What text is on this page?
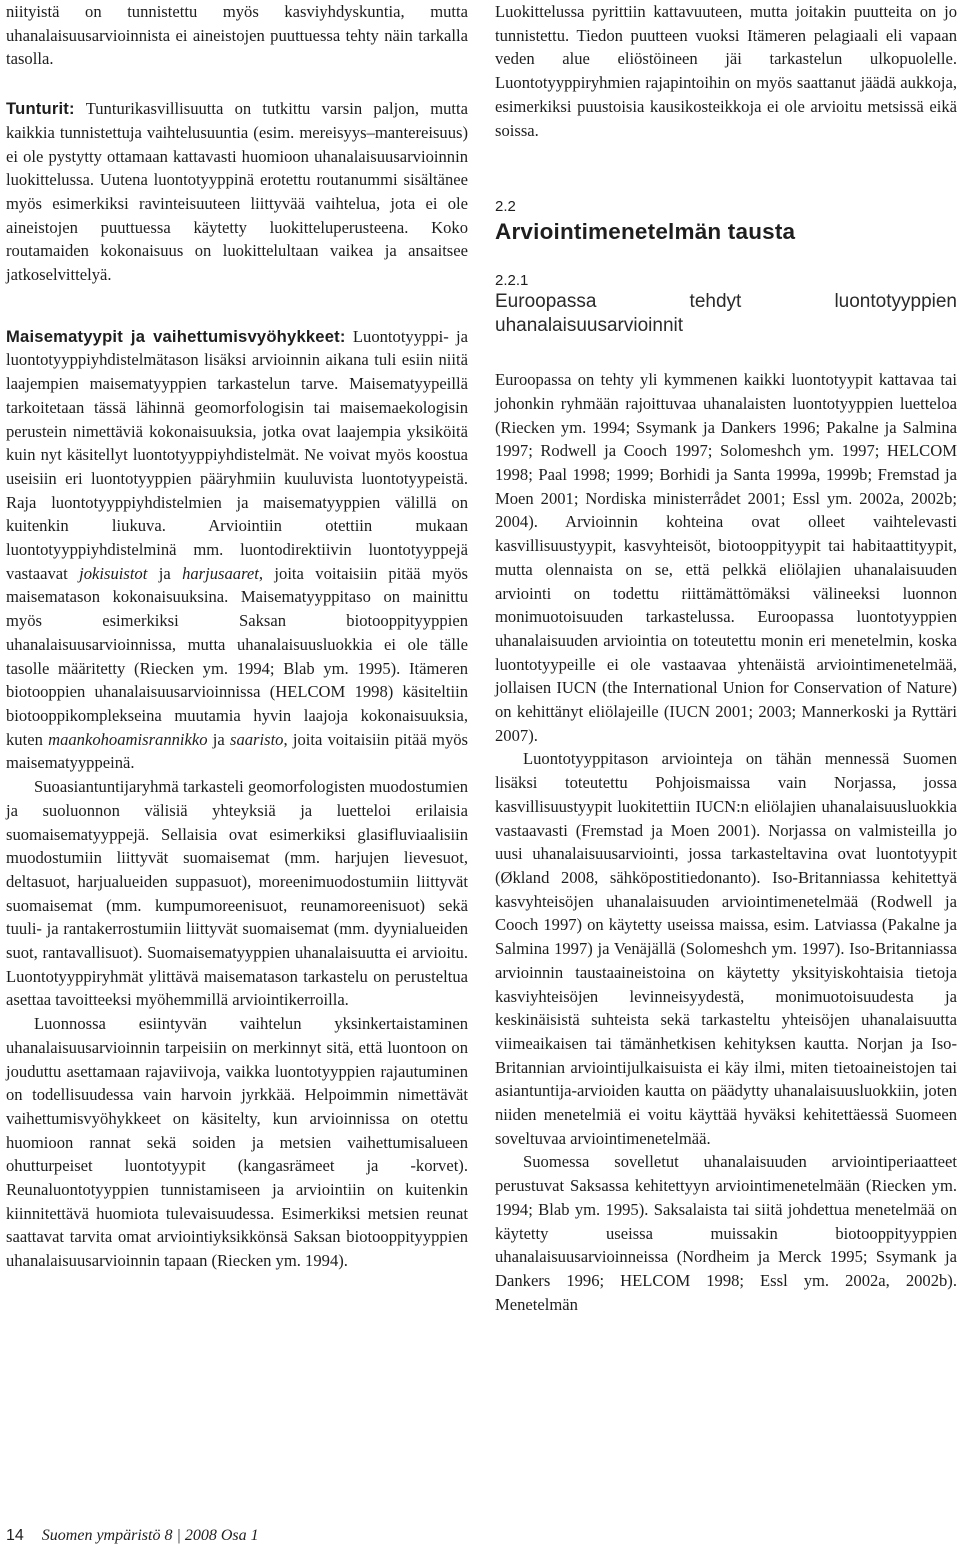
niityistä on tunnistettu myös kasviyhdyskuntia, mutta uhanalaisuusarvioinnista ei aineistojen puuttuessa tehty näin tarkalla tasolla.

Tunturit: Tunturikasvillisuutta on tutkittu varsin paljon, mutta kaikkia tunnistettuja vaihtelusuuntia (esim. mereisyys–mantereisuus) ei ole pystytty ottamaan kattavasti huomioon uhanalaisuusarvioinnin luokittelussa. Uutena luontotyyppinä erotettu routanummi sisältänee myös esimerkiksi ravinteisuuteen liittyvää vaihtelua, jota ei ole aineistojen puuttuessa käytetty luokitteluperusteena. Koko routamaiden kokonaisuus on luokittelultaan vaikea ja ansaitsee jatkoselvittelyä.

Maisematyypit ja vaihettumisvyöhykkeet: Luontotyyppi- ja luontotyyppiyhdistelmätason lisäksi arvioinnin aikana tuli esiin niitä laajempien maisematyyppien tarkastelun tarve. Maisematyypeillä tarkoitetaan tässä lähinnä geomorfologisin tai maisemaekologisin perustein nimettäviä kokonaisuuksia, jotka ovat laajempia yksiköitä kuin nyt käsitellyt luontotyyppiyhdistelmät. Ne voivat myös koostua useisiin eri luontotyyppien pääryhmiin kuuluvista luontotyypeistä. Raja luontotyyppiyhdistelmien ja maisematyyppien välillä on kuitenkin liukuva. Arviointiin otettiin mukaan luontotyyppiyhdistelminä mm. luontodirektiivin luontotyyppejä vastaavat jokisuistot ja harjusaaret, joita voitaisiin pitää myös maisematason kokonaisuuksina. Maisematyyppitaso on mainittu myös esimerkiksi Saksan biotooppityyppien uhanalaisuusarvioinnissa, mutta uhanalaisuusluokkia ei ole tälle tasolle määritetty (Riecken ym. 1994; Blab ym. 1995). Itämeren biotooppien uhanalaisuusarvioinnissa (HELCOM 1998) käsiteltiin biotooppikomplekseina muutamia hyvin laajoja kokonaisuuksia, kuten maankohoamisrannikko ja saaristo, joita voitaisiin pitää myös maisematyyppeinä.

Suoasiantuntijaryhmä tarkasteli geomorfologisten muodostumien ja suoluonnon välisiä yhteyksiä ja luetteloi erilaisia suomaisematyyppejä. Sellaisia ovat esimerkiksi glasifluviaalisiin muodostumiin liittyvät suomaisemat (mm. harjujen lievesuot, deltasuot, harjualueiden suppasuot), moreenimuodostumiin liittyvät suomaisemat (mm. kumpumoreenisuot, reunamoreenisuot) sekä tuuli- ja rantakerrostumiin liittyvät suomaisemat (mm. dyynialueiden suot, rantavallisuot). Suomaisematyyppien uhanalaisuutta ei arvioitu. Luontotyyppiryhmät ylittävä maisematason tarkastelu on perusteltua asettaa tavoitteeksi myöhemmillä arviointikerroilla.

Luonnossa esiintyvän vaihtelun yksinkertaistaminen uhanalaisuusarvioinnin tarpeisiin on merkinnyt sitä, että luontoon on jouduttu asettamaan rajaviivoja, vaikka luontotyyppien rajautuminen on todellisuudessa vain harvoin jyrkkää. Helpoimmin nimettävät vaihettumisvyöhykkeet on käsitelty, kun arvioinnissa on otettu huomioon rannat sekä soiden ja metsien vaihettumisalueen ohutturpeiset luontotyypit (kangasrämeet ja -korvet). Reunaluontotyyppien tunnistamiseen ja arviointiin on kuitenkin kiinnitettävä huomiota tulevaisuudessa. Esimerkiksi metsien reunat saattavat tarvita omat arviointiyksikkönsä Saksan biotooppityyppien uhanalaisuusarvioinnin tapaan (Riecken ym. 1994).

Luokittelussa pyrittiin kattavuuteen, mutta joitakin puutteita on jo tunnistettu. Tiedon puutteen vuoksi Itämeren pelagiaali eli vapaan veden alue eliöstöineen jäi tarkastelun ulkopuolelle. Luontotyyppiryhmien rajapintoihin on myös saattanut jäädä aukkoja, esimerkiksi puustoisia kausikosteikkoja ei ole arvioitu metsissä eikä soissa.

2.2

Arviointimenetelmän tausta

2.2.1

Euroopassa tehdyt luontotyyppien uhanalaisuusarvioinnit

Euroopassa on tehty yli kymmenen kaikki luontotyypit kattavaa tai johonkin ryhmään rajoittuvaa uhanalaisten luontotyyppien luetteloa (Riecken ym. 1994; Ssymank ja Dankers 1996; Pakalne ja Salmina 1997; Rodwell ja Cooch 1997; Solomeshch ym. 1997; HELCOM 1998; Paal 1998; 1999; Borhidi ja Santa 1999a, 1999b; Fremstad ja Moen 2001; Nordiska ministerrådet 2001; Essl ym. 2002a, 2002b; 2004). Arvioinnin kohteina ovat olleet vaihtelevasti kasvillisuustyypit, kasvyhteisöt, biotooppityypit tai habitaattityypit, mutta olennaista on se, että pelkkä eliölajien uhanalaisuuden arviointi on todettu riittämättömäksi välineeksi luonnon monimuotoisuuden tarkastelussa. Euroopassa luontotyyppien uhanalaisuuden arviointia on toteutettu monin eri menetelmin, koska luontotyypeille ei ole vastaavaa yhtenäistä arviointimenetelmää, jollaisen IUCN (the International Union for Conservation of Nature) on kehittänyt eliölajeille (IUCN 2001; 2003; Mannerkoski ja Ryttäri 2007).

Luontotyyppitason arviointeja on tähän mennessä Suomen lisäksi toteutettu Pohjoismaissa vain Norjassa, jossa kasvillisuustyypit luokitettiin IUCN:n eliölajien uhanalaisuusluokkia vastaavasti (Fremstad ja Moen 2001). Norjassa on valmisteilla jo uusi uhanalaisuusarviointi, jossa tarkasteltavina ovat luontotyypit (Økland 2008, sähköpostitiedonanto). Iso-Britanniassa kehitettyä kasvyhteisöjen uhanalaisuuden arviointimenetelmää (Rodwell ja Cooch 1997) on käytetty useissa maissa, esim. Latviassa (Pakalne ja Salmina 1997) ja Venäjällä (Solomeshch ym. 1997). Iso-Britanniassa arvioinnin taustaaineistoina on käytetty yksityiskohtaisia tietoja kasviyhteisöjen levinneisyydestä, monimuotoisuudesta ja keskinäisistä suhteista sekä tarkasteltu yhteisöjen uhanalaisuutta viimeaikaisen tai tämänhetkisen kehityksen kautta. Norjan ja Iso-Britannian arviointijulkaisuista ei käy ilmi, miten tietoaineistojen tai asiantuntija-arvioiden kautta on päädytty uhanalaisuusluokkiin, joten niiden menetelmiä ei voitu käyttää hyväksi kehitettäessä Suomeen soveltuvaa arviointimenetelmää.

Suomessa sovelletut uhanalaisuuden arviointiperiaatteet perustuvat Saksassa kehitettyyn arviointimenetelmään (Riecken ym. 1994; Blab ym. 1995). Saksalaista tai siitä johdettua menetelmää on käytetty useissa muissakin biotooppityyppien uhanalaisuusarvioinneissa (Nordheim ja Merck 1995; Ssymank ja Dankers 1996; HELCOM 1998; Essl ym. 2002a, 2002b). Menetelmän

14 Suomen ympäristö 8 | 2008 Osa 1
